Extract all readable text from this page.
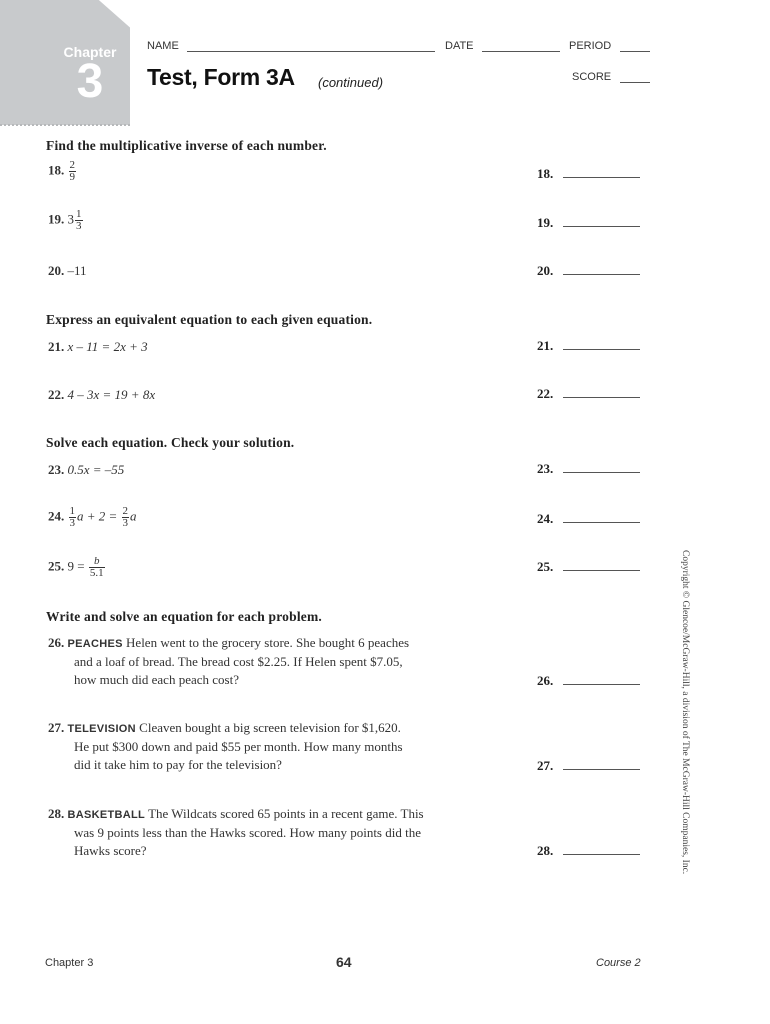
Chapter
3
NAME	DATE	PERIOD
SCORE
Test, Form 3A (continued)
Find the multiplicative inverse of each number.
18. $\frac{2}{9}$
19. $3 \frac{1}{3}$
20. –11
Express an equivalent equation to each given equation.
21. x – 11 = 2x + 3
22. 4 – 3x = 19 + 8x
Solve each equation. Check your solution.
23. 0.5x = –55
24. $\frac{1}{3}$ $a + 2 = \frac{2}{3}$ a
25. $9 = \frac{b}{5.1}$
Write and solve an equation for each problem.
26. PEACHES Helen went to the grocery store. She bought 6 peaches
and a loaf of bread. The bread cost $2.25. If Helen spent $7.05,
how much did each peach cost?
27. TELEVISION Cleaven bought a big screen television for $1,620.
He put $300 down and paid $55 per month. How many months
did it take him to pay for the television?
28. BASKETBALL The Wildcats scored 65 points in a recent game. This
was 9 points less than the Hawks scored. How many points did the
Hawks score?
18.
19.
20.
21.
22.
23.
24.
25.
26.
27.
28.	Copyright © Glencoe/McGraw-Hill, a division of The McGraw-Hill Companies, Inc.
Chapter 3	64	Course 2
